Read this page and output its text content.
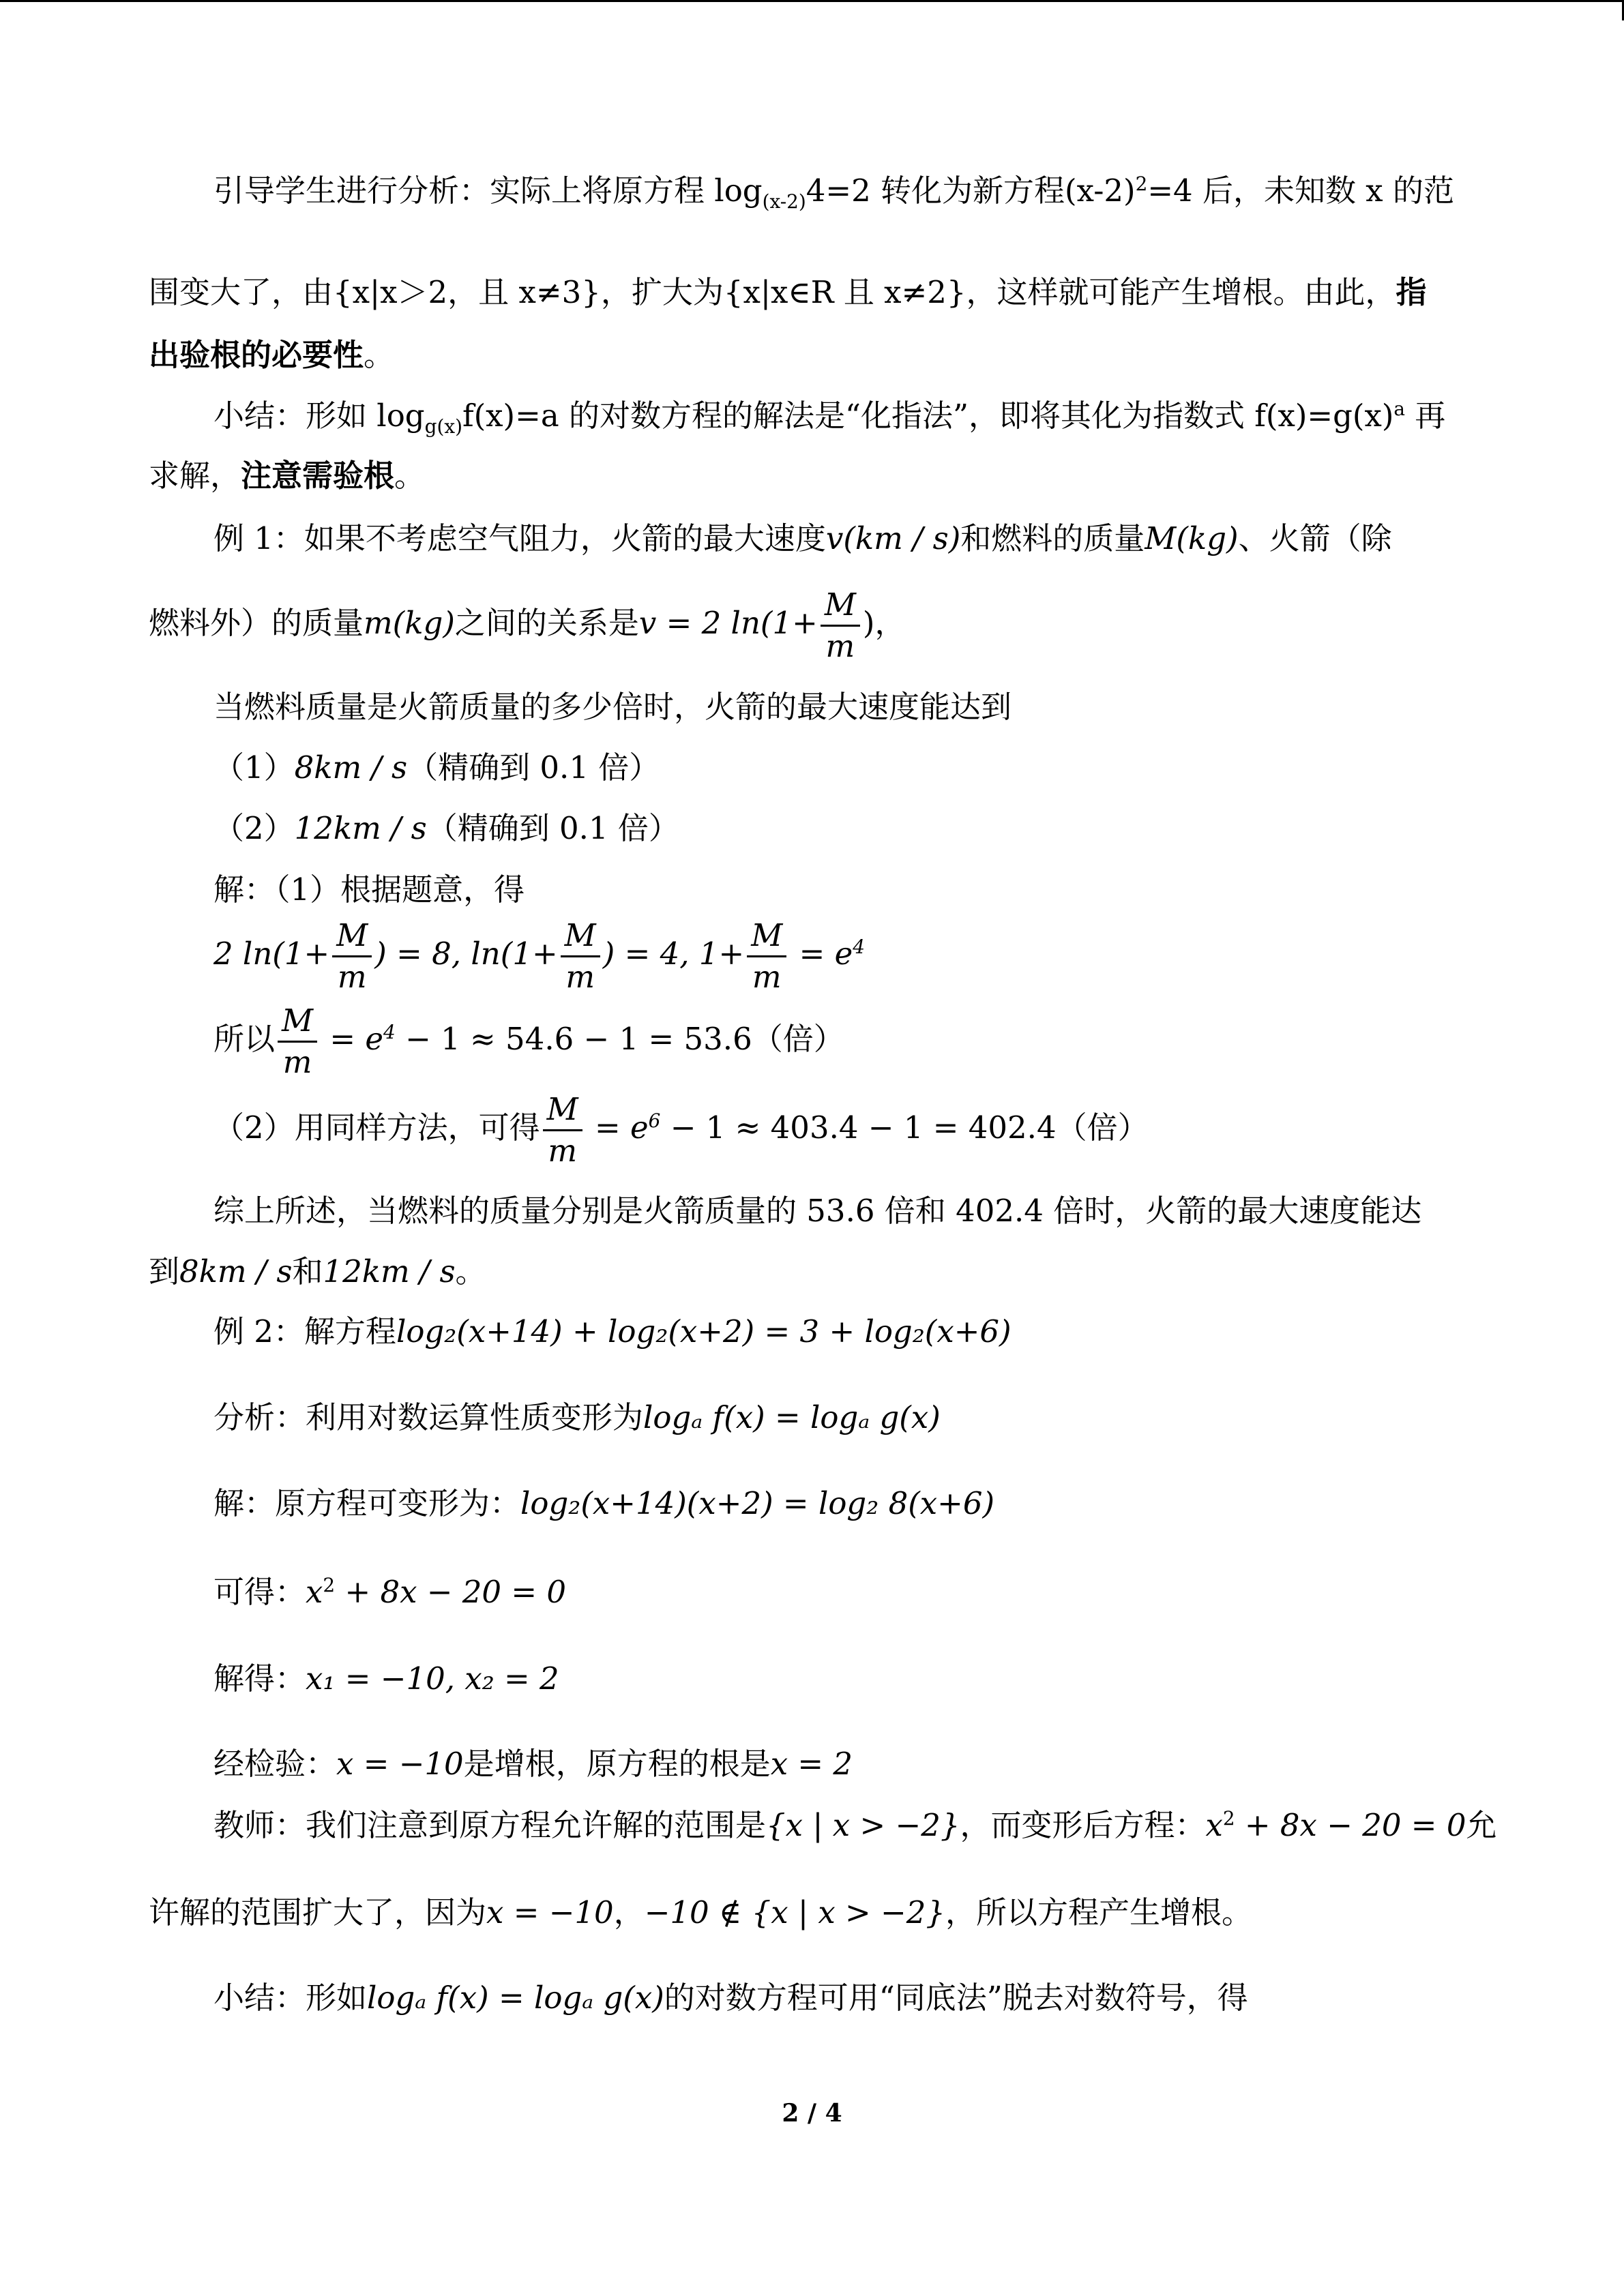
引导学生进行分析：实际上将原方程 $\log_{(x-2)}4=2$ 转化为新方程$(x-2)^2=4$ 后，未知数 x 的范
围变大了，由{x|x＞2，且 x≠3}，扩大为{x|x∈R 且 x≠2}，这样就可能产生增根。由此，指
出验根的必要性。
小结：形如 $\log_{g(x)}f(x)=a$ 的对数方程的解法是“化指法”，即将其化为指数式 $f(x)=g(x)^a$ 再
求解，注意需验根。
例 1：如果不考虑空气阻力，火箭的最大速度v(km / s)和燃料的质量M(kg)、火箭（除
燃料外）的质量m(kg)之间的关系是v = 2 $\ln(1+ \frac{M}{m}$ )，
当燃料质量是火箭质量的多少倍时，火箭的最大速度能达到
（1）8km / s（精确到 0.1 倍）
（2）12km / s（精确到 0.1 倍）
解：（1）根据题意，得
2 $\ln(1+ \frac{M}{m}$ ) = 8, $\ln(1+ \frac{M}{m}$ ) = 4, $1+ \frac{M}{m} = e^4$
所以 $\frac{M}{m} = e^4 - 1 \approx 54.6 - 1 = 53.6$（倍）
（2）用同样方法，可得 $\frac{M}{m} = e^6 - 1 \approx 403.4 - 1 = 402.4$（倍）
综上所述，当燃料的质量分别是火箭质量的 53.6 倍和 402.4 倍时，火箭的最大速度能达
到8km / s和12km / s。
例 2：解方程log₂(x+14) + log₂(x+2) = 3 + log₂(x+6)
分析：利用对数运算性质变形为logₐ f(x) = logₐ g(x)
解：原方程可变形为：log₂(x+14)(x+2) = log₂ 8(x+6)
可得：$x^2 + 8x - 20 = 0$
解得：x₁ = −10, x₂ = 2
经检验：x = −10是增根，原方程的根是x = 2
教师：我们注意到原方程允许解的范围是{x | x > −2}，而变形后方程：$x^2 + 8x - 20 = 0$允
许解的范围扩大了，因为x = −10，−10 ∉ {x | x > −2}，所以方程产生增根。
小结：形如logₐ f(x) = logₐ g(x)的对数方程可用“同底法”脱去对数符号，得
2 / 4
